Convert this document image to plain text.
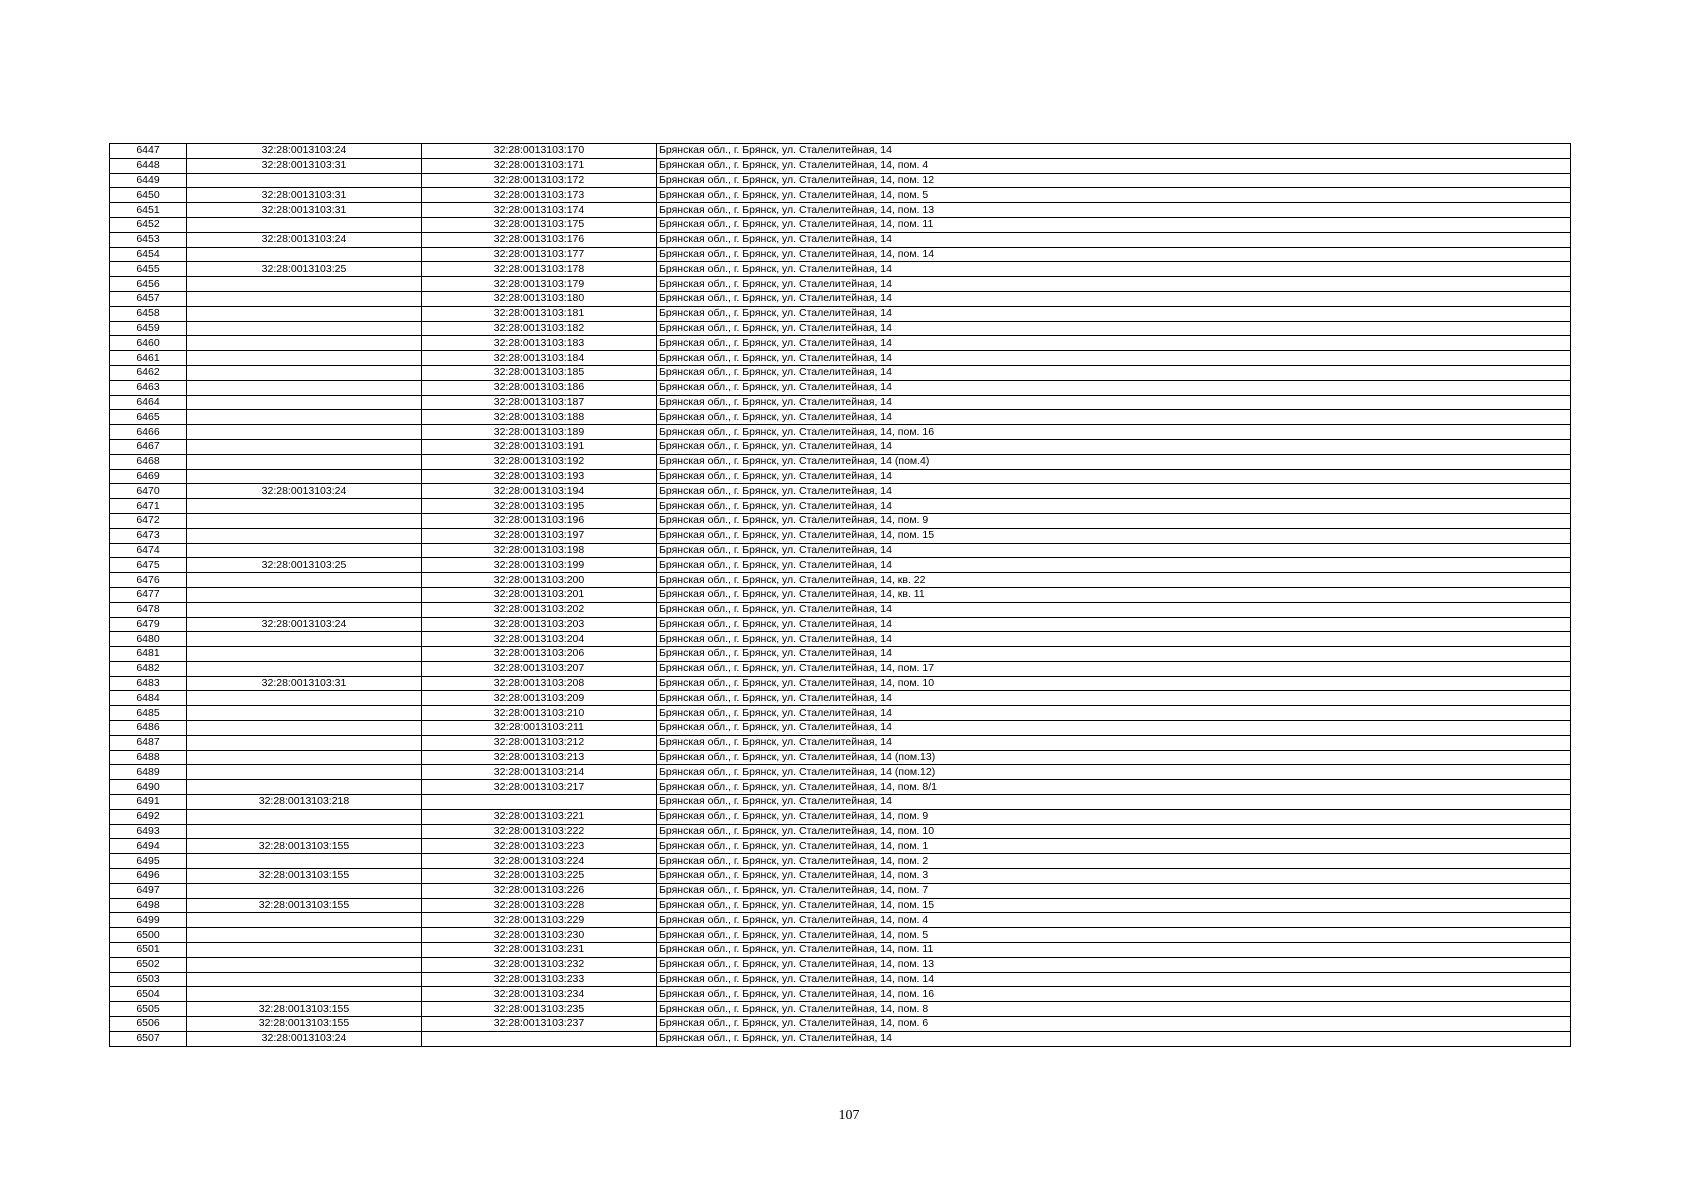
6447	32:28:0013103:24	32:28:0013103:170	Брянская обл., г. Брянск, ул. Сталелитейная, 14
6448	32:28:0013103:31	32:28:0013103:171	Брянская обл., г. Брянск, ул. Сталелитейная, 14, пом. 4
6449		32:28:0013103:172	Брянская обл., г. Брянск, ул. Сталелитейная, 14, пом. 12
6450	32:28:0013103:31	32:28:0013103:173	Брянская обл., г. Брянск, ул. Сталелитейная, 14, пом. 5
6451	32:28:0013103:31	32:28:0013103:174	Брянская обл., г. Брянск, ул. Сталелитейная, 14, пом. 13
6452		32:28:0013103:175	Брянская обл., г. Брянск, ул. Сталелитейная, 14, пом. 11
6453	32:28:0013103:24	32:28:0013103:176	Брянская обл., г. Брянск, ул. Сталелитейная, 14
6454		32:28:0013103:177	Брянская обл., г. Брянск, ул. Сталелитейная, 14, пом. 14
6455	32:28:0013103:25	32:28:0013103:178	Брянская обл., г. Брянск, ул. Сталелитейная, 14
6456		32:28:0013103:179	Брянская обл., г. Брянск, ул. Сталелитейная, 14
6457		32:28:0013103:180	Брянская обл., г. Брянск, ул. Сталелитейная, 14
6458		32:28:0013103:181	Брянская обл., г. Брянск, ул. Сталелитейная, 14
6459		32:28:0013103:182	Брянская обл., г. Брянск, ул. Сталелитейная, 14
6460		32:28:0013103:183	Брянская обл., г. Брянск, ул. Сталелитейная, 14
6461		32:28:0013103:184	Брянская обл., г. Брянск, ул. Сталелитейная, 14
6462		32:28:0013103:185	Брянская обл., г. Брянск, ул. Сталелитейная, 14
6463		32:28:0013103:186	Брянская обл., г. Брянск, ул. Сталелитейная, 14
6464		32:28:0013103:187	Брянская обл., г. Брянск, ул. Сталелитейная, 14
6465		32:28:0013103:188	Брянская обл., г. Брянск, ул. Сталелитейная, 14
6466		32:28:0013103:189	Брянская обл., г. Брянск, ул. Сталелитейная, 14, пом. 16
6467		32:28:0013103:191	Брянская обл., г. Брянск, ул. Сталелитейная, 14
6468		32:28:0013103:192	Брянская обл., г. Брянск, ул. Сталелитейная, 14 (пом.4)
6469		32:28:0013103:193	Брянская обл., г. Брянск, ул. Сталелитейная, 14
6470	32:28:0013103:24	32:28:0013103:194	Брянская обл., г. Брянск, ул. Сталелитейная, 14
6471		32:28:0013103:195	Брянская обл., г. Брянск, ул. Сталелитейная, 14
6472		32:28:0013103:196	Брянская обл., г. Брянск, ул. Сталелитейная, 14, пом. 9
6473		32:28:0013103:197	Брянская обл., г. Брянск, ул. Сталелитейная, 14, пом. 15
6474		32:28:0013103:198	Брянская обл., г. Брянск, ул. Сталелитейная, 14
6475	32:28:0013103:25	32:28:0013103:199	Брянская обл., г. Брянск, ул. Сталелитейная, 14
6476		32:28:0013103:200	Брянская обл., г. Брянск, ул. Сталелитейная, 14, кв. 22
6477		32:28:0013103:201	Брянская обл., г. Брянск, ул. Сталелитейная, 14, кв. 11
6478		32:28:0013103:202	Брянская обл., г. Брянск, ул. Сталелитейная, 14
6479	32:28:0013103:24	32:28:0013103:203	Брянская обл., г. Брянск, ул. Сталелитейная, 14
6480		32:28:0013103:204	Брянская обл., г. Брянск, ул. Сталелитейная, 14
6481		32:28:0013103:206	Брянская обл., г. Брянск, ул. Сталелитейная, 14
6482		32:28:0013103:207	Брянская обл., г. Брянск, ул. Сталелитейная, 14, пом. 17
6483	32:28:0013103:31	32:28:0013103:208	Брянская обл., г. Брянск, ул. Сталелитейная, 14, пом. 10
6484		32:28:0013103:209	Брянская обл., г. Брянск, ул. Сталелитейная, 14
6485		32:28:0013103:210	Брянская обл., г. Брянск, ул. Сталелитейная, 14
6486		32:28:0013103:211	Брянская обл., г. Брянск, ул. Сталелитейная, 14
6487		32:28:0013103:212	Брянская обл., г. Брянск, ул. Сталелитейная, 14
6488		32:28:0013103:213	Брянская обл., г. Брянск, ул. Сталелитейная, 14 (пом.13)
6489		32:28:0013103:214	Брянская обл., г. Брянск, ул. Сталелитейная, 14 (пом.12)
6490		32:28:0013103:217	Брянская обл., г. Брянск, ул. Сталелитейная, 14, пом. 8/1
6491	32:28:0013103:218		Брянская обл., г. Брянск, ул. Сталелитейная, 14
6492		32:28:0013103:221	Брянская обл., г. Брянск, ул. Сталелитейная, 14, пом. 9
6493		32:28:0013103:222	Брянская обл., г. Брянск, ул. Сталелитейная, 14, пом. 10
6494	32:28:0013103:155	32:28:0013103:223	Брянская обл., г. Брянск, ул. Сталелитейная, 14, пом. 1
6495		32:28:0013103:224	Брянская обл., г. Брянск, ул. Сталелитейная, 14, пом. 2
6496	32:28:0013103:155	32:28:0013103:225	Брянская обл., г. Брянск, ул. Сталелитейная, 14, пом. 3
6497		32:28:0013103:226	Брянская обл., г. Брянск, ул. Сталелитейная, 14, пом. 7
6498	32:28:0013103:155	32:28:0013103:228	Брянская обл., г. Брянск, ул. Сталелитейная, 14, пом. 15
6499		32:28:0013103:229	Брянская обл., г. Брянск, ул. Сталелитейная, 14, пом. 4
6500		32:28:0013103:230	Брянская обл., г. Брянск, ул. Сталелитейная, 14, пом. 5
6501		32:28:0013103:231	Брянская обл., г. Брянск, ул. Сталелитейная, 14, пом. 11
6502		32:28:0013103:232	Брянская обл., г. Брянск, ул. Сталелитейная, 14, пом. 13
6503		32:28:0013103:233	Брянская обл., г. Брянск, ул. Сталелитейная, 14, пом. 14
6504		32:28:0013103:234	Брянская обл., г. Брянск, ул. Сталелитейная, 14, пом. 16
6505	32:28:0013103:155	32:28:0013103:235	Брянская обл., г. Брянск, ул. Сталелитейная, 14, пом. 8
6506	32:28:0013103:155	32:28:0013103:237	Брянская обл., г. Брянск, ул. Сталелитейная, 14, пом. 6
6507	32:28:0013103:24		Брянская обл., г. Брянск, ул. Сталелитейная, 14
107
